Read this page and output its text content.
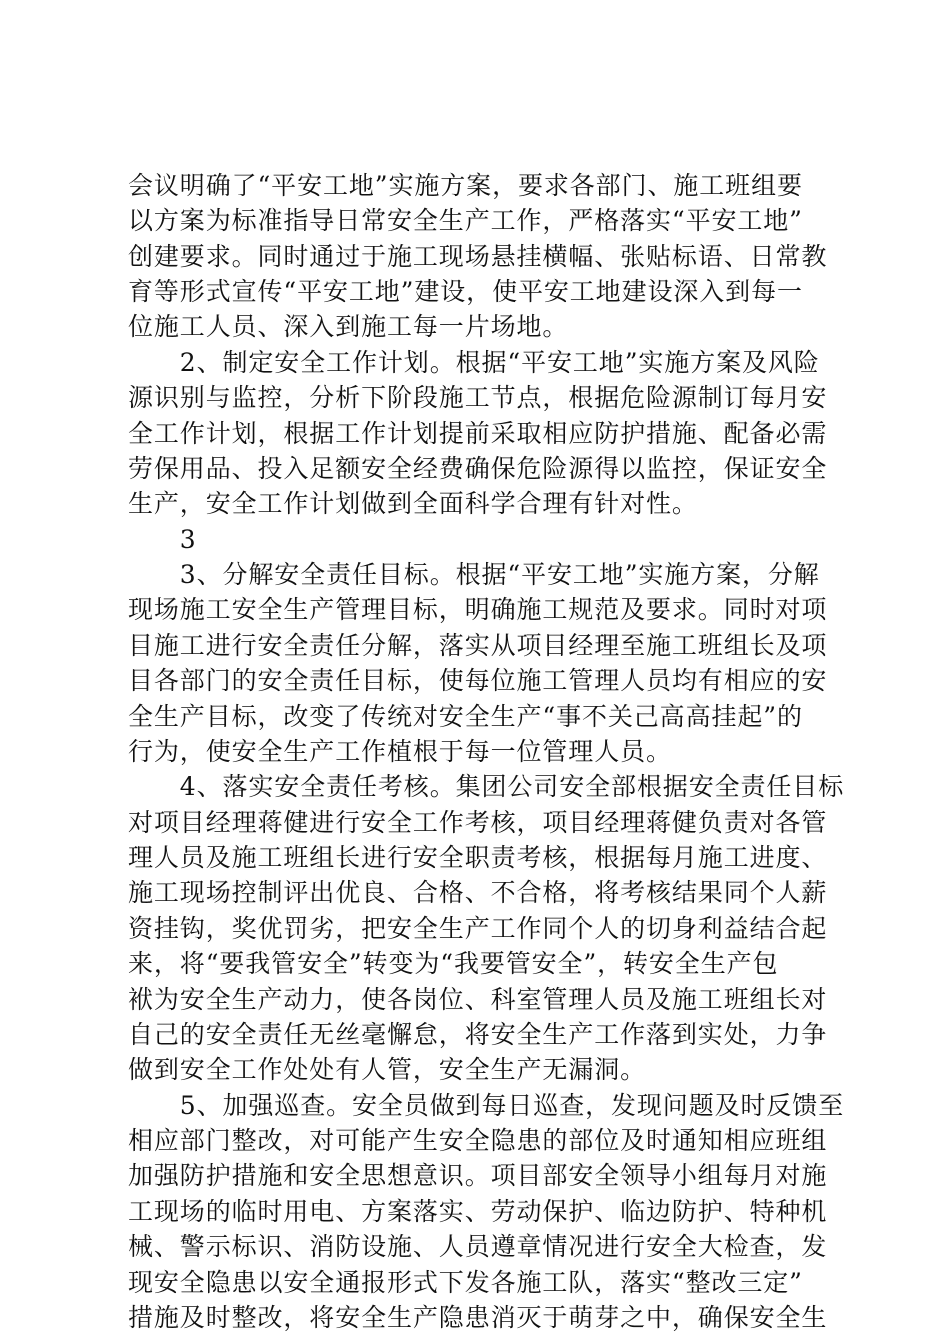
会议明确了“平安工地”实施方案，要求各部门、施工班组要
以方案为标准指导日常安全生产工作，严格落实“平安工地”
创建要求。同时通过于施工现场悬挂横幅、张贴标语、日常教
育等形式宣传“平安工地”建设，使平安工地建设深入到每一
位施工人员、深入到施工每一片场地。
　　2、制定安全工作计划。根据“平安工地”实施方案及风险
源识别与监控，分析下阶段施工节点，根据危险源制订每月安
全工作计划，根据工作计划提前采取相应防护措施、配备必需
劳保用品、投入足额安全经费确保危险源得以监控，保证安全
生产，安全工作计划做到全面科学合理有针对性。
　　3
　　3、分解安全责任目标。根据“平安工地”实施方案，分解
现场施工安全生产管理目标，明确施工规范及要求。同时对项
目施工进行安全责任分解，落实从项目经理至施工班组长及项
目各部门的安全责任目标，使每位施工管理人员均有相应的安
全生产目标，改变了传统对安全生产“事不关己高高挂起”的
行为，使安全生产工作植根于每一位管理人员。
　　4、落实安全责任考核。集团公司安全部根据安全责任目标
对项目经理蒋健进行安全工作考核，项目经理蒋健负责对各管
理人员及施工班组长进行安全职责考核，根据每月施工进度、
施工现场控制评出优良、合格、不合格，将考核结果同个人薪
资挂钩，奖优罚劣，把安全生产工作同个人的切身利益结合起
来，将“要我管安全”转变为“我要管安全”，转安全生产包
袱为安全生产动力，使各岗位、科室管理人员及施工班组长对
自己的安全责任无丝毫懈怠，将安全生产工作落到实处，力争
做到安全工作处处有人管，安全生产无漏洞。
　　5、加强巡查。安全员做到每日巡查，发现问题及时反馈至
相应部门整改，对可能产生安全隐患的部位及时通知相应班组
加强防护措施和安全思想意识。项目部安全领导小组每月对施
工现场的临时用电、方案落实、劳动保护、临边防护、特种机
械、警示标识、消防设施、人员遵章情况进行安全大检查，发
现安全隐患以安全通报形式下发各施工队，落实“整改三定”
措施及时整改，将安全生产隐患消灭于萌芽之中，确保安全生
